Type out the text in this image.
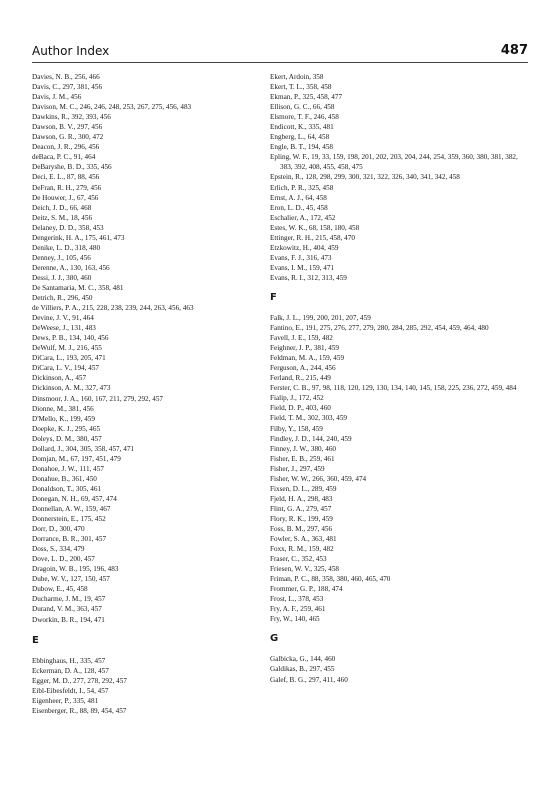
Author Index	487
Davies, N. B., 256, 466
Davis, C., 297, 381, 456
Davis, J. M., 456
Davison, M. C., 246, 246, 248, 253, 267, 275, 456, 483
Dawkins, R., 392, 393, 456
Dawson, B. V., 297, 456
Dawson, G. R., 300, 472
Deacon, J. R., 296, 456
deBaca, P. C., 91, 464
DeBaryshe, B. D., 335, 456
Deci, E. L., 87, 88, 456
DeFran, R. H., 279, 456
De Houwer, J., 67, 456
Deich, J. D., 66, 468
Deitz, S. M., 18, 456
Delaney, D. D., 358, 453
Dengerink, H. A., 175, 461, 473
Denike, L. D., 318, 480
Denney, J., 105, 456
Derenne, A., 130, 163, 456
Dessi, J. J., 380, 460
De Santamaria, M. C., 358, 481
Detrich, R., 296, 450
de Villiers, P. A., 215, 228, 238, 239, 244, 263, 456, 463
Devine, J. V., 91, 464
DeWeese, J., 131, 483
Dews, P. B., 134, 140, 456
DeWulf, M. J., 216, 455
DiCara, L., 193, 205, 471
DiCara, L. V., 194, 457
Dickinson, A., 457
Dickinson, A. M., 327, 473
Dinsmoor, J. A., 160, 167, 211, 279, 292, 457
Dionne, M., 381, 456
D'Mello, K., 199, 459
Doepke, K. J., 295, 465
Doleys, D. M., 380, 457
Dollard, J., 304, 305, 358, 457, 471
Domjan, M., 67, 197, 451, 479
Donahoe, J. W., 111, 457
Donahue, B., 361, 450
Donaldson, T., 305, 461
Donegan, N. H., 69, 457, 474
Donnellan, A. W., 159, 467
Donnerstein, E., 175, 452
Dorr, D., 300, 470
Dorrance, B. R., 301, 457
Doss, S., 334, 479
Dove, L. D., 200, 457
Dragoin, W. B., 195, 196, 483
Dube, W. V., 127, 150, 457
Dubow, E., 45, 458
Ducharme, J. M., 19, 457
Durand, V. M., 363, 457
Dworkin, B. R., 194, 471
E
Ebbinghaus, H., 335, 457
Eckerman, D. A., 128, 457
Egger, M. D., 277, 278, 292, 457
Eibl-Eibesfeldt, I., 54, 457
Eigenheer, P., 335, 481
Eisenberger, R., 88, 89, 454, 457
Ekert, Ardoin, 358
Ekert, T. L., 358, 458
Ekman, P., 325, 458, 477
Ellison, G. C., 66, 458
Elsmore, T. F., 246, 458
Endicott, K., 335, 481
Engberg, L., 64, 458
Engle, B. T., 194, 458
Epling, W. F., 19, 33, 159, 198, 201, 202, 203, 204, 244, 254, 359, 360, 380, 381, 382, 383, 392, 408, 455, 458, 475
Epstein, R., 128, 298, 299, 300, 321, 322, 326, 340, 341, 342, 458
Erlich, P. R., 325, 458
Ernst, A. J., 64, 458
Eron, L. D., 45, 458
Eschalier, A., 172, 452
Estes, W. K., 68, 158, 180, 458
Ettinger, R. H., 215, 458, 470
Etzkowitz, H., 404, 459
Evans, F. J., 316, 473
Evans, I. M., 159, 471
Evans, R. I., 312, 313, 459
F
Falk, J. L., 199, 200, 201, 207, 459
Fantino, E., 191, 275, 276, 277, 279, 280, 284, 285, 292, 454, 459, 464, 480
Favell, J. E., 159, 482
Feighner, J. P., 381, 459
Feldman, M. A., 159, 459
Ferguson, A., 244, 456
Ferland, R., 215, 449
Ferster, C. B., 97, 98, 118, 120, 129, 130, 134, 140, 145, 158, 225, 236, 272, 459, 484
Fialip, J., 172, 452
Field, D. P., 403, 460
Field, T. M., 302, 303, 459
Filby, Y., 158, 459
Findley, J. D., 144, 240, 459
Finney, J. W., 380, 460
Fisher, E. B., 259, 461
Fisher, J., 297, 459
Fisher, W. W., 266, 360, 459, 474
Fixsen, D. L., 289, 459
Fjeld, H. A., 298, 483
Flint, G. A., 279, 457
Flory, R. K., 199, 459
Foss, B. M., 297, 456
Fowler, S. A., 363, 481
Foxx, R. M., 159, 482
Fraser, C., 352, 453
Friesen, W. V., 325, 458
Friman, P. C., 88, 358, 380, 460, 465, 470
Frommer, G. P., 188, 474
Frost, L., 378, 453
Fry, A. F., 259, 461
Fry, W., 140, 465
G
Galbicka, G., 144, 460
Galdikas, B., 297, 455
Galef, B. G., 297, 411, 460
